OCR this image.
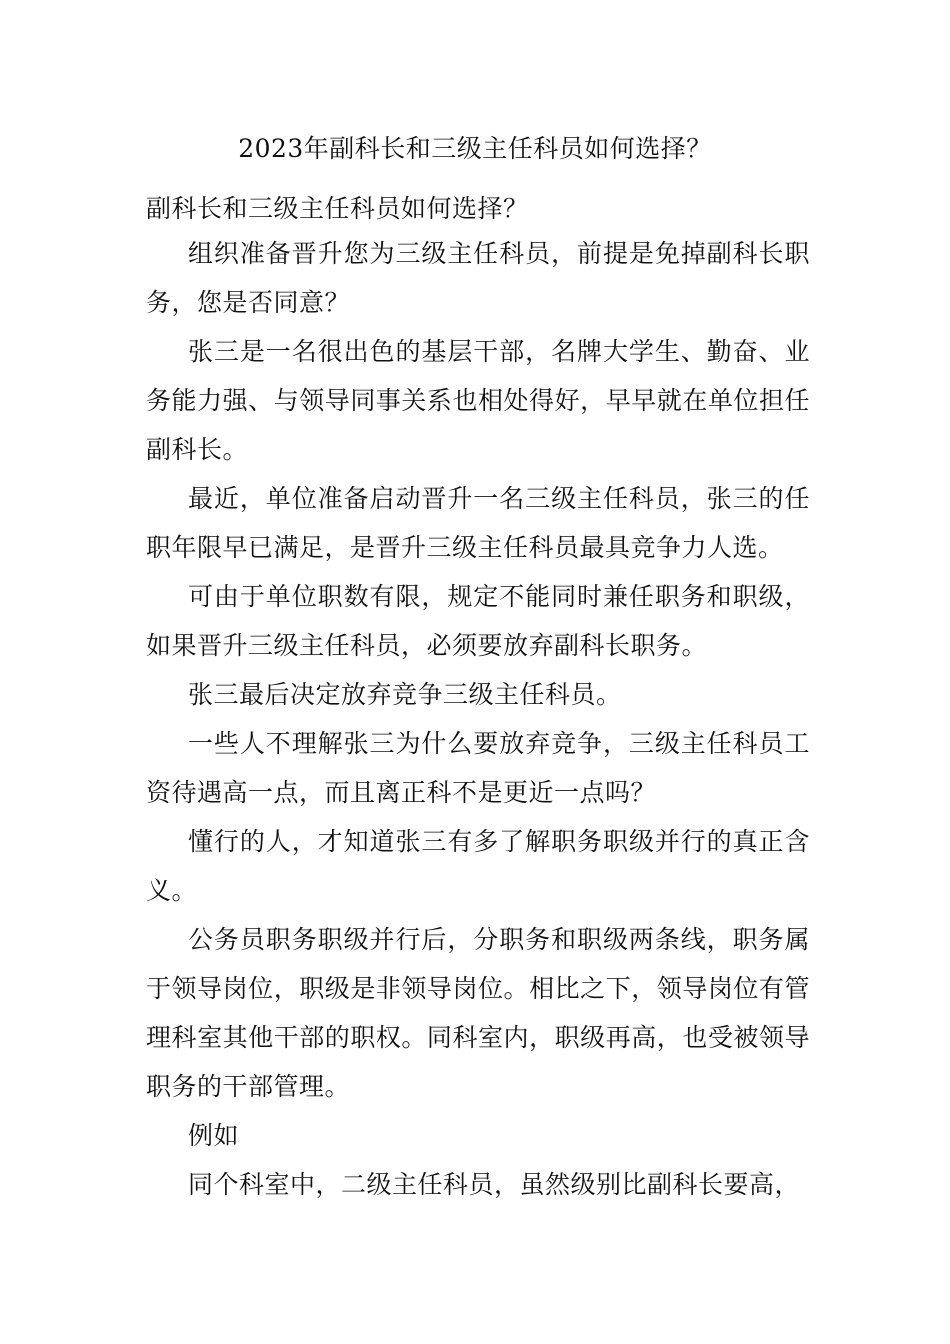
2023年副科长和三级主任科员如何选择？

副科长和三级主任科员如何选择？

组织准备晋升您为三级主任科员，前提是免掉副科长职务，您是否同意？

张三是一名很出色的基层干部，名牌大学生、勤奋、业务能力强、与领导同事关系也相处得好，早早就在单位担任副科长。

最近，单位准备启动晋升一名三级主任科员，张三的任职年限早已满足，是晋升三级主任科员最具竞争力人选。

可由于单位职数有限，规定不能同时兼任职务和职级，如果晋升三级主任科员，必须要放弃副科长职务。

张三最后决定放弃竞争三级主任科员。

一些人不理解张三为什么要放弃竞争，三级主任科员工资待遇高一点，而且离正科不是更近一点吗？

懂行的人，才知道张三有多了解职务职级并行的真正含义。

公务员职务职级并行后，分职务和职级两条线，职务属于领导岗位，职级是非领导岗位。相比之下，领导岗位有管理科室其他干部的职权。同科室内，职级再高，也受被领导职务的干部管理。

例如

同个科室中，二级主任科员，虽然级别比副科长要高，
